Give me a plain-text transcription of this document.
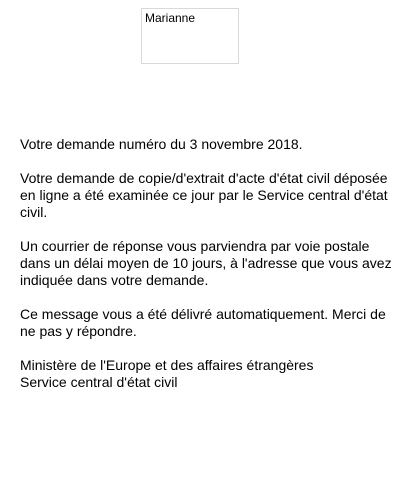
Marianne

Votre demande numéro du 3 novembre 2018.

Votre demande de copie/d'extrait d'acte d'état civil déposée en ligne a été examinée ce jour par le Service central d'état civil.

Un courrier de réponse vous parviendra par voie postale dans un délai moyen de 10 jours, à l'adresse que vous avez indiquée dans votre demande.

Ce message vous a été délivré automatiquement. Merci de ne pas y répondre.

Ministère de l'Europe et des affaires étrangères
Service central d'état civil
